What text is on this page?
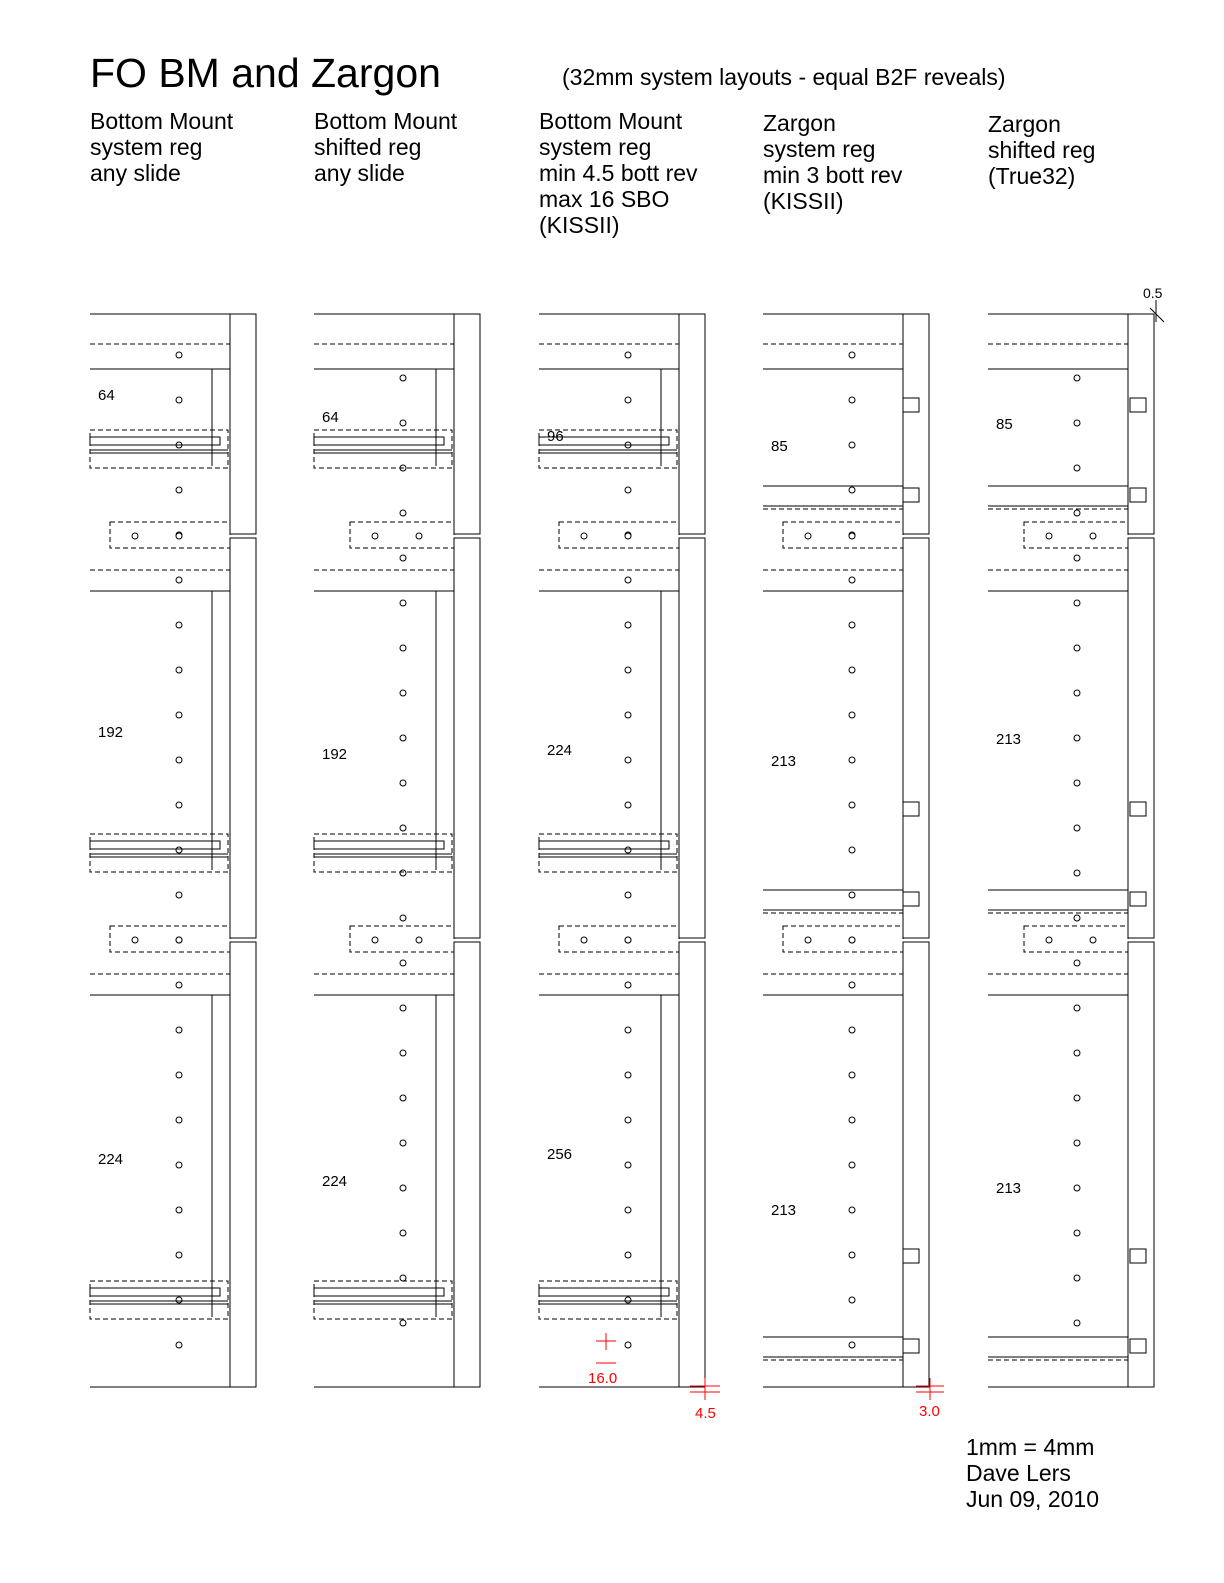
FO BM and Zargon	(32mm system layouts - equal B2F reveals)
Bottom Mount
system reg
any slide
Bottom Mount
shifted reg
any slide
Bottom Mount
system reg
min 4.5 bott rev
max 16 SBO
(KISSII)
Zargon
system reg
min 3 bott rev
(KISSII)
Zargon
shifted reg
(True32)
64
192
224
64
192
224
96
224
256
85
213
213
85
213
213
0.5
16.0
4.5	3.0
1mm = 4mm
Dave Lers
Jun 09, 2010
